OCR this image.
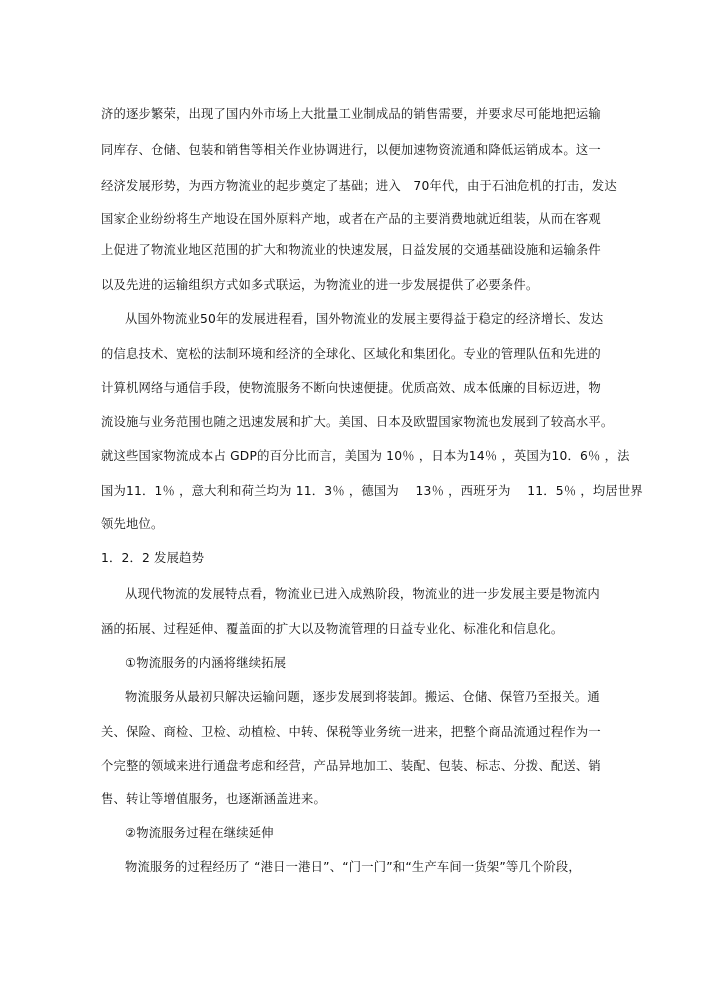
济的逐步繁荣，出现了国内外市场上大批量工业制成品的销售需要，并要求尽可能地把运输
同库存、仓储、包装和销售等相关作业协调进行，以便加速物资流通和降低运销成本。这一
经济发展形势，为西方物流业的起步奠定了基础；进入　70年代，由于石油危机的打击，发达
国家企业纷纷将生产地设在国外原料产地，或者在产品的主要消费地就近组装，从而在客观
上促进了物流业地区范围的扩大和物流业的快速发展，日益发展的交通基础设施和运输条件
以及先进的运输组织方式如多式联运，为物流业的进一步发展提供了必要条件。
从国外物流业50年的发展进程看，国外物流业的发展主要得益于稳定的经济增长、发达
的信息技术、宽松的法制环境和经济的全球化、区域化和集团化。专业的管理队伍和先进的
计算机网络与通信手段，使物流服务不断向快速便捷。优质高效、成本低廉的目标迈进，物
流设施与业务范围也随之迅速发展和扩大。美国、日本及欧盟国家物流也发展到了较高水平。
就这些国家物流成本占 GDP的百分比而言，美国为 10％ ，日本为14％ ，英国为10．6％ ，法
国为11．1％ ，意大利和荷兰均为 11．3％ ，德国为　 13％ ，西班牙为　 11．5％ ，均居世界
领先地位。
1．2．2 发展趋势
从现代物流的发展特点看，物流业已进入成熟阶段，物流业的进一步发展主要是物流内
涵的拓展、过程延伸、覆盖面的扩大以及物流管理的日益专业化、标准化和信息化。
①物流服务的内涵将继续拓展
物流服务从最初只解决运输问题，逐步发展到将装卸。搬运、仓储、保管乃至报关。通
关、保险、商检、卫检、动植检、中转、保税等业务统一进来，把整个商品流通过程作为一
个完整的领域来进行通盘考虑和经营，产品异地加工、装配、包装、标志、分拨、配送、销
售、转让等增值服务，也逐渐涵盖进来。
②物流服务过程在继续延伸
物流服务的过程经历了 “港日一港日”、“门一门”和“生产车间一货架”等几个阶段，
